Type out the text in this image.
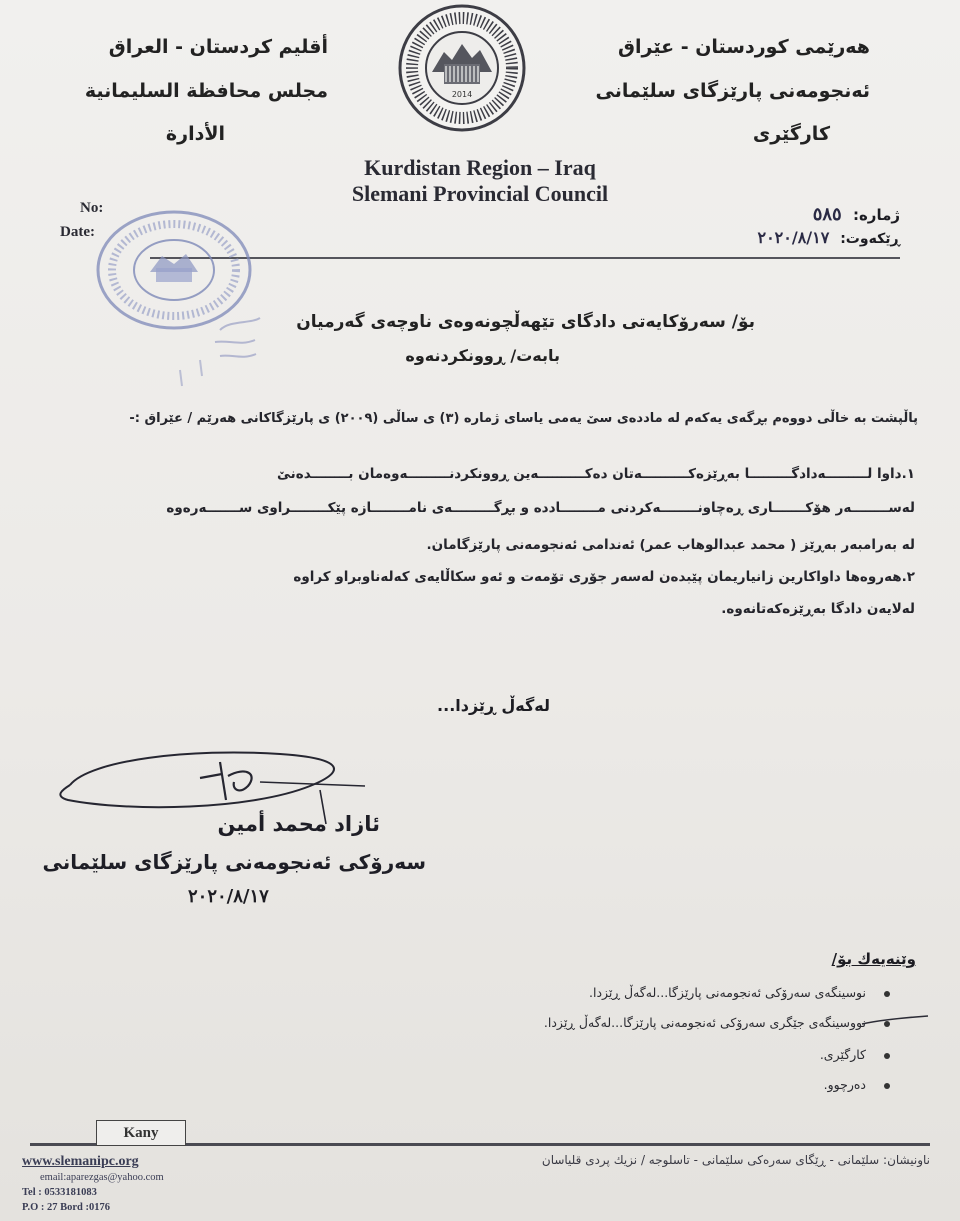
هەرێمی کوردستان - عێراق
ئەنجومەنی پارێزگای سلێمانی
کارگێری
أقليم كردستان - العراق
مجلس محافظة السليمانية
الأدارة
2014
Kurdistan Region – Iraq
Slemani Provincial Council
No:
Date:
ژمارە: ٥٨٥
ڕێکەوت: ٢٠٢٠/٨/١٧
بۆ/ سەرۆکایەتی دادگای تێهەڵچونەوەی ناوچەی گەرمیان
بابەت/ ڕوونکردنەوە
پاڵپشت بە خاڵی دووەم بڕگەی یەکەم لە ماددەی سێ یەمی یاسای ژمارە (٣) ی ساڵی (٢٠٠٩) ی پارێزگاکانی هەرێم / عێراق :-
١.داوا لـــــــــەدادگـــــــــا بەڕێزەکــــــــــەتان دەکــــــــــەین ڕوونکردنـــــــــەوەمان بــــــــدەنێ
لەســــــــەر هۆکـــــــاری ڕەچاونــــــــەکردنی مــــــــادده و بڕگـــــــــەی نامــــــــازە پێکــــــــراوی ســـــــەرەوە
لە بەرامبەر بەڕێز ( محمد عبدالوهاب عمر) ئەندامی ئەنجومەنی پارێزگامان.
٢.هەروەها داواکارین زانیاریمان پێبدەن لەسەر جۆری تۆمەت و ئەو سکاڵایەی کەلەناوبراو کراوە
لەلایەن دادگا بەڕێزەکەتانەوە.
لەگەڵ ڕێزدا...
ئازاد محمد أمين
سەرۆکی ئەنجومەنی پارێزگای سلێمانی
٢٠٢٠/٨/١٧
وێنەیەك بۆ/
نوسینگەی سەرۆکی ئەنجومەنی پارێزگا...لەگەڵ ڕێزدا.
نووسینگەی جێگری سەرۆکی ئەنجومەنی پارێزگا...لەگەڵ ڕێزدا.
کارگێری.
دەرچوو.
Kany
www.slemanipc.org
email:aparezgas@yahoo.com
Tel : 0533181083
P.O : 27 Bord :0176
ناونیشان: سلێمانی - ڕێگای سەرەکی سلێمانی - تاسلوجە / نزیك پردی قلیاسان
